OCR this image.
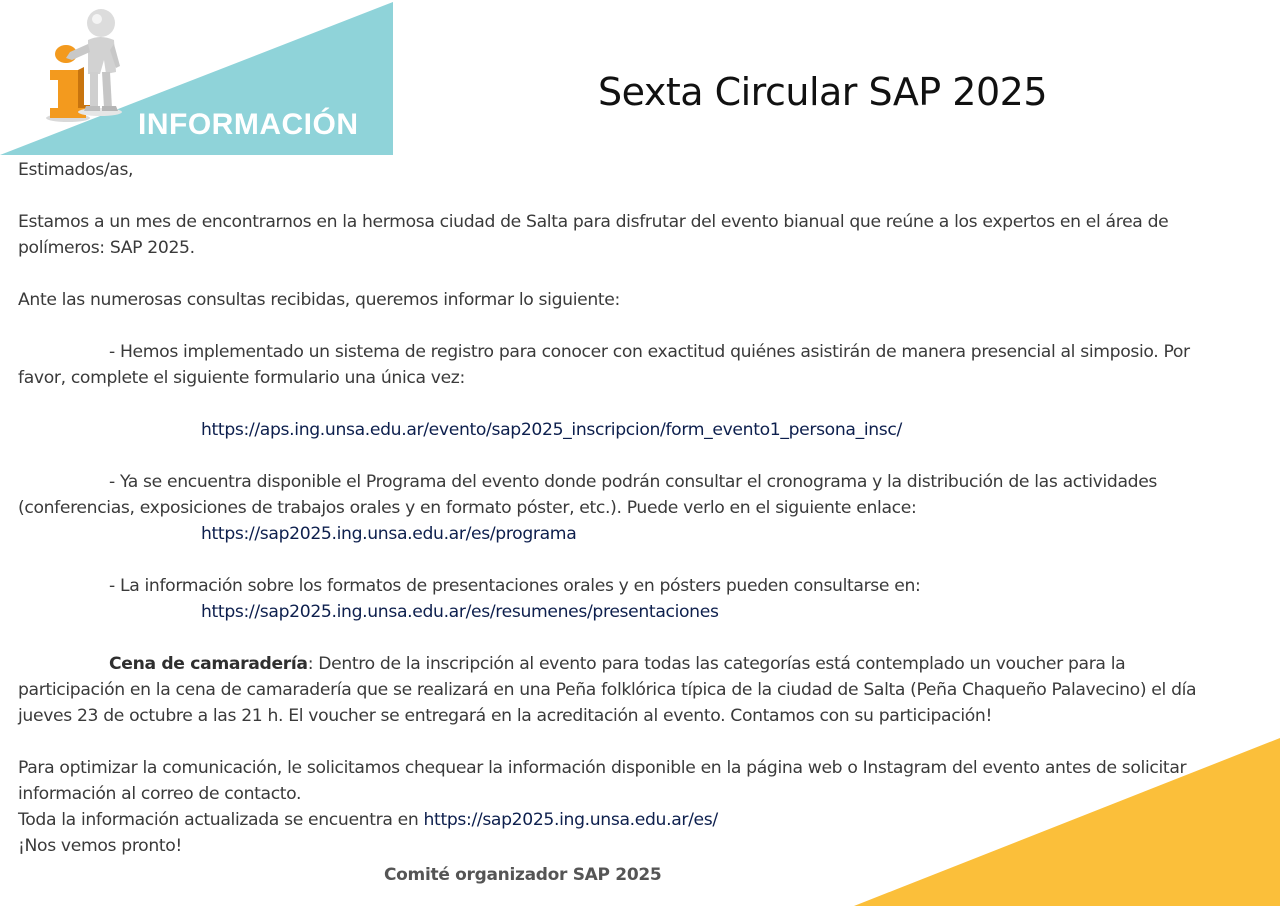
INFORMACIÓN
Sexta Circular SAP 2025

Estimados/as,

Estamos a un mes de encontrarnos en la hermosa ciudad de Salta para disfrutar del evento bianual que reúne a los expertos en el área de polímeros: SAP 2025.

Ante las numerosas consultas recibidas, queremos informar lo siguiente:

- Hemos implementado un sistema de registro para conocer con exactitud quiénes asistirán de manera presencial al simposio. Por favor, complete el siguiente formulario una única vez:

https://aps.ing.unsa.edu.ar/evento/sap2025_inscripcion/form_evento1_persona_insc/

- Ya se encuentra disponible el Programa del evento donde podrán consultar el cronograma y la distribución de las actividades (conferencias, exposiciones de trabajos orales y en formato póster, etc.). Puede verlo en el siguiente enlace:

https://sap2025.ing.unsa.edu.ar/es/programa

- La información sobre los formatos de presentaciones orales y en pósters pueden consultarse en:

https://sap2025.ing.unsa.edu.ar/es/resumenes/presentaciones

Cena de camaradería: Dentro de la inscripción al evento para todas las categorías está contemplado un voucher para la participación en la cena de camaradería que se realizará en una Peña folklórica típica de la ciudad de Salta (Peña Chaqueño Palavecino) el día jueves 23 de octubre a las 21 h. El voucher se entregará en la acreditación al evento. Contamos con su participación!

Para optimizar la comunicación, le solicitamos chequear la información disponible en la página web o Instagram del evento antes de solicitar información al correo de contacto.

Toda la información actualizada se encuentra en https://sap2025.ing.unsa.edu.ar/es/

¡Nos vemos pronto!

Comité organizador SAP 2025
